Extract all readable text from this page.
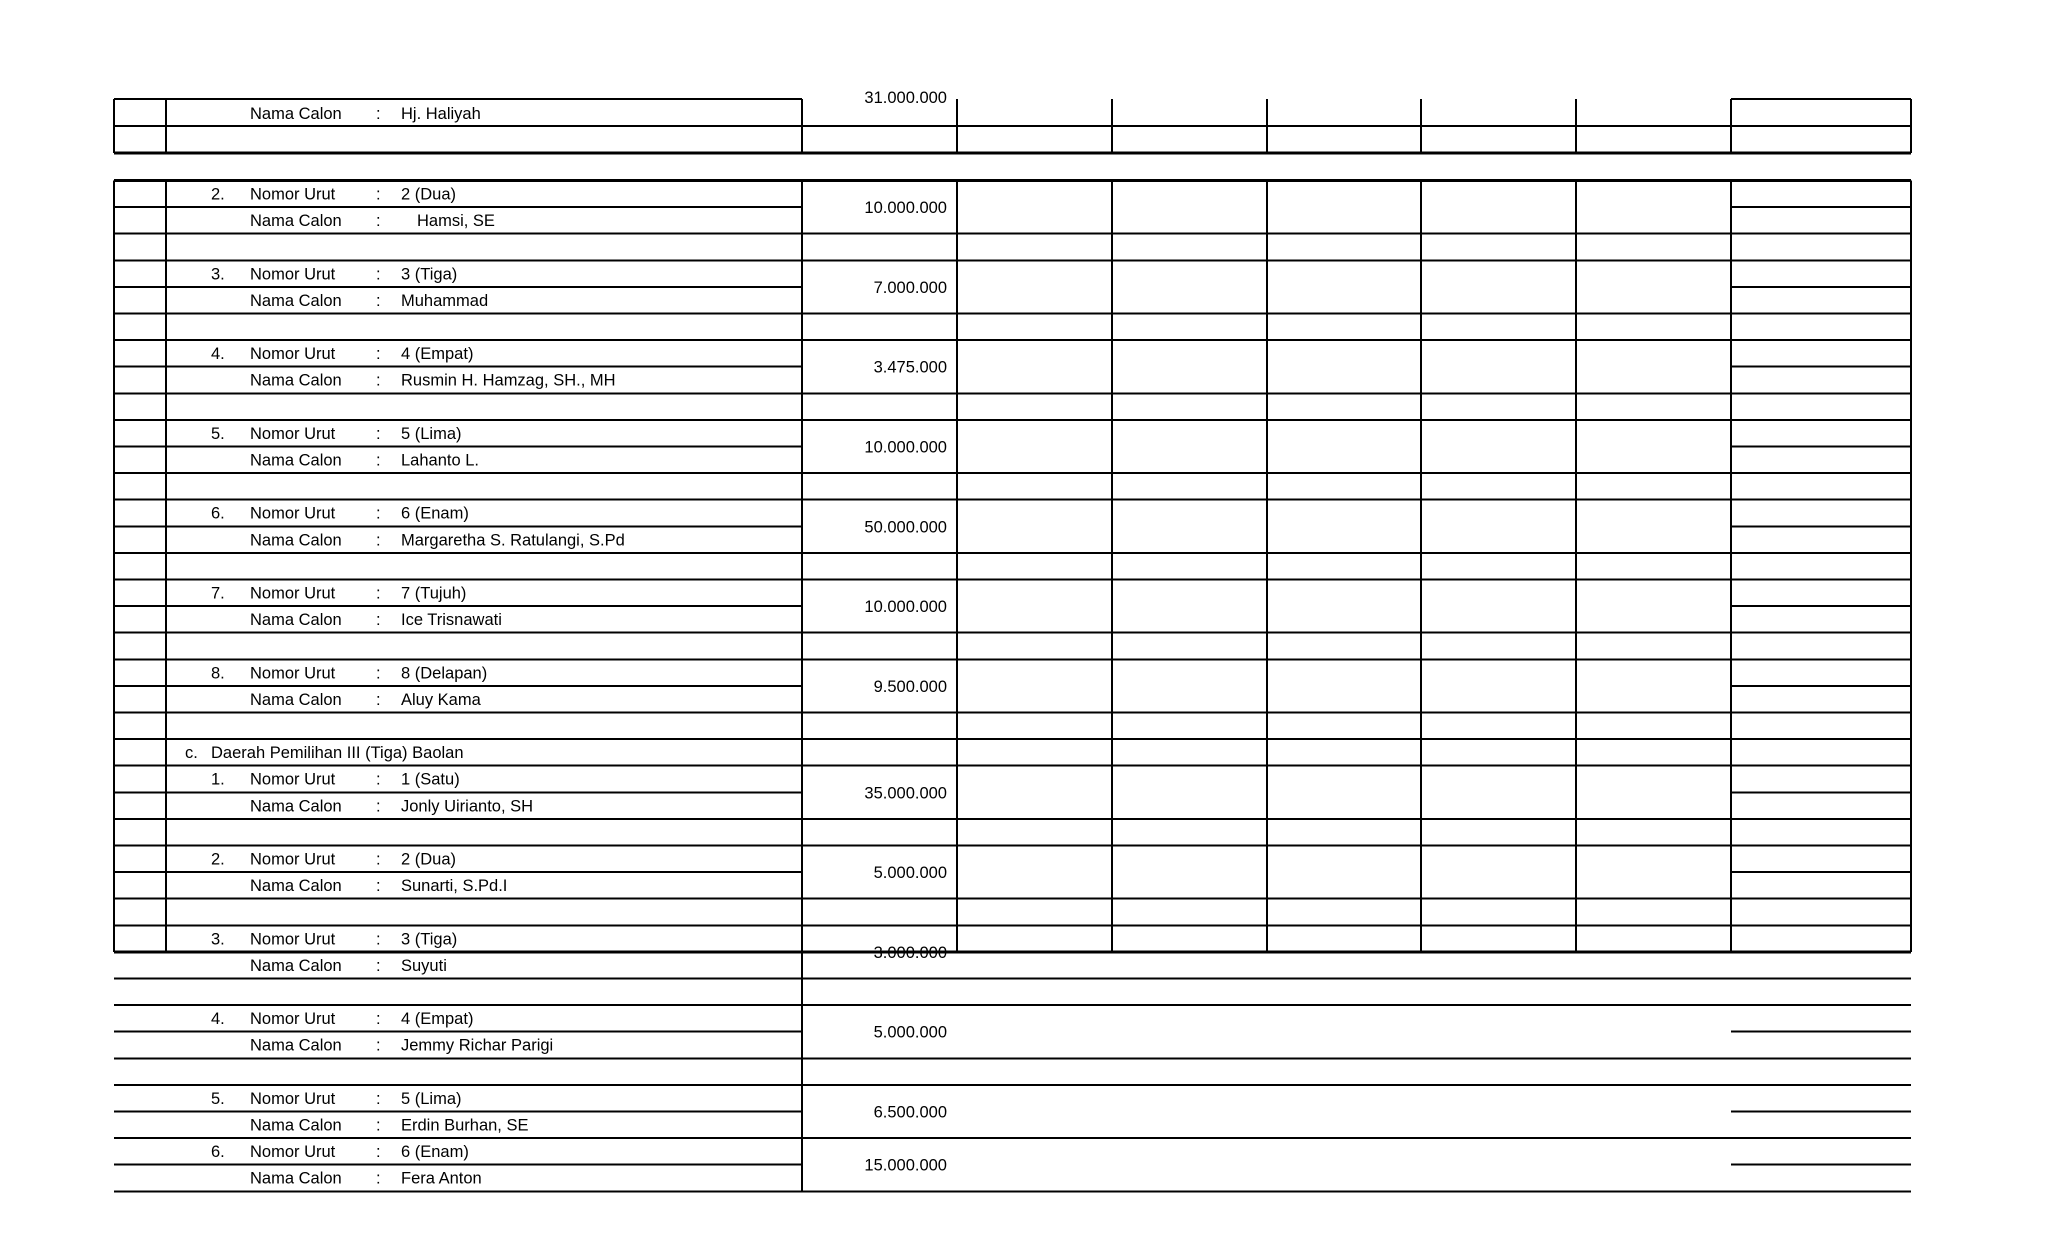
31.000.000
Nama Calon : Hj. Haliyah
2. Nomor Urut : 2 (Dua)
Nama Calon : Hamsi, SE
10.000.000
3. Nomor Urut : 3 (Tiga)
Nama Calon : Muhammad
7.000.000
4. Nomor Urut : 4 (Empat)
Nama Calon : Rusmin H. Hamzag, SH., MH
3.475.000
5. Nomor Urut : 5 (Lima)
Nama Calon : Lahanto L.
10.000.000
6. Nomor Urut : 6 (Enam)
Nama Calon : Margaretha S. Ratulangi, S.Pd
50.000.000
7. Nomor Urut : 7 (Tujuh)
Nama Calon : Ice Trisnawati
10.000.000
8. Nomor Urut : 8 (Delapan)
Nama Calon : Aluy Kama
9.500.000
c. Daerah Pemilihan III (Tiga) Baolan
1. Nomor Urut : 1 (Satu)
Nama Calon : Jonly Uirianto, SH
35.000.000
2. Nomor Urut : 2 (Dua)
Nama Calon : Sunarti, S.Pd.I
5.000.000
3. Nomor Urut : 3 (Tiga)
Nama Calon : Suyuti
3.000.000
4. Nomor Urut : 4 (Empat)
Nama Calon : Jemmy Richar Parigi
5.000.000
5. Nomor Urut : 5 (Lima)
Nama Calon : Erdin Burhan, SE
6.500.000
6. Nomor Urut : 6 (Enam)
Nama Calon : Fera Anton
15.000.000
